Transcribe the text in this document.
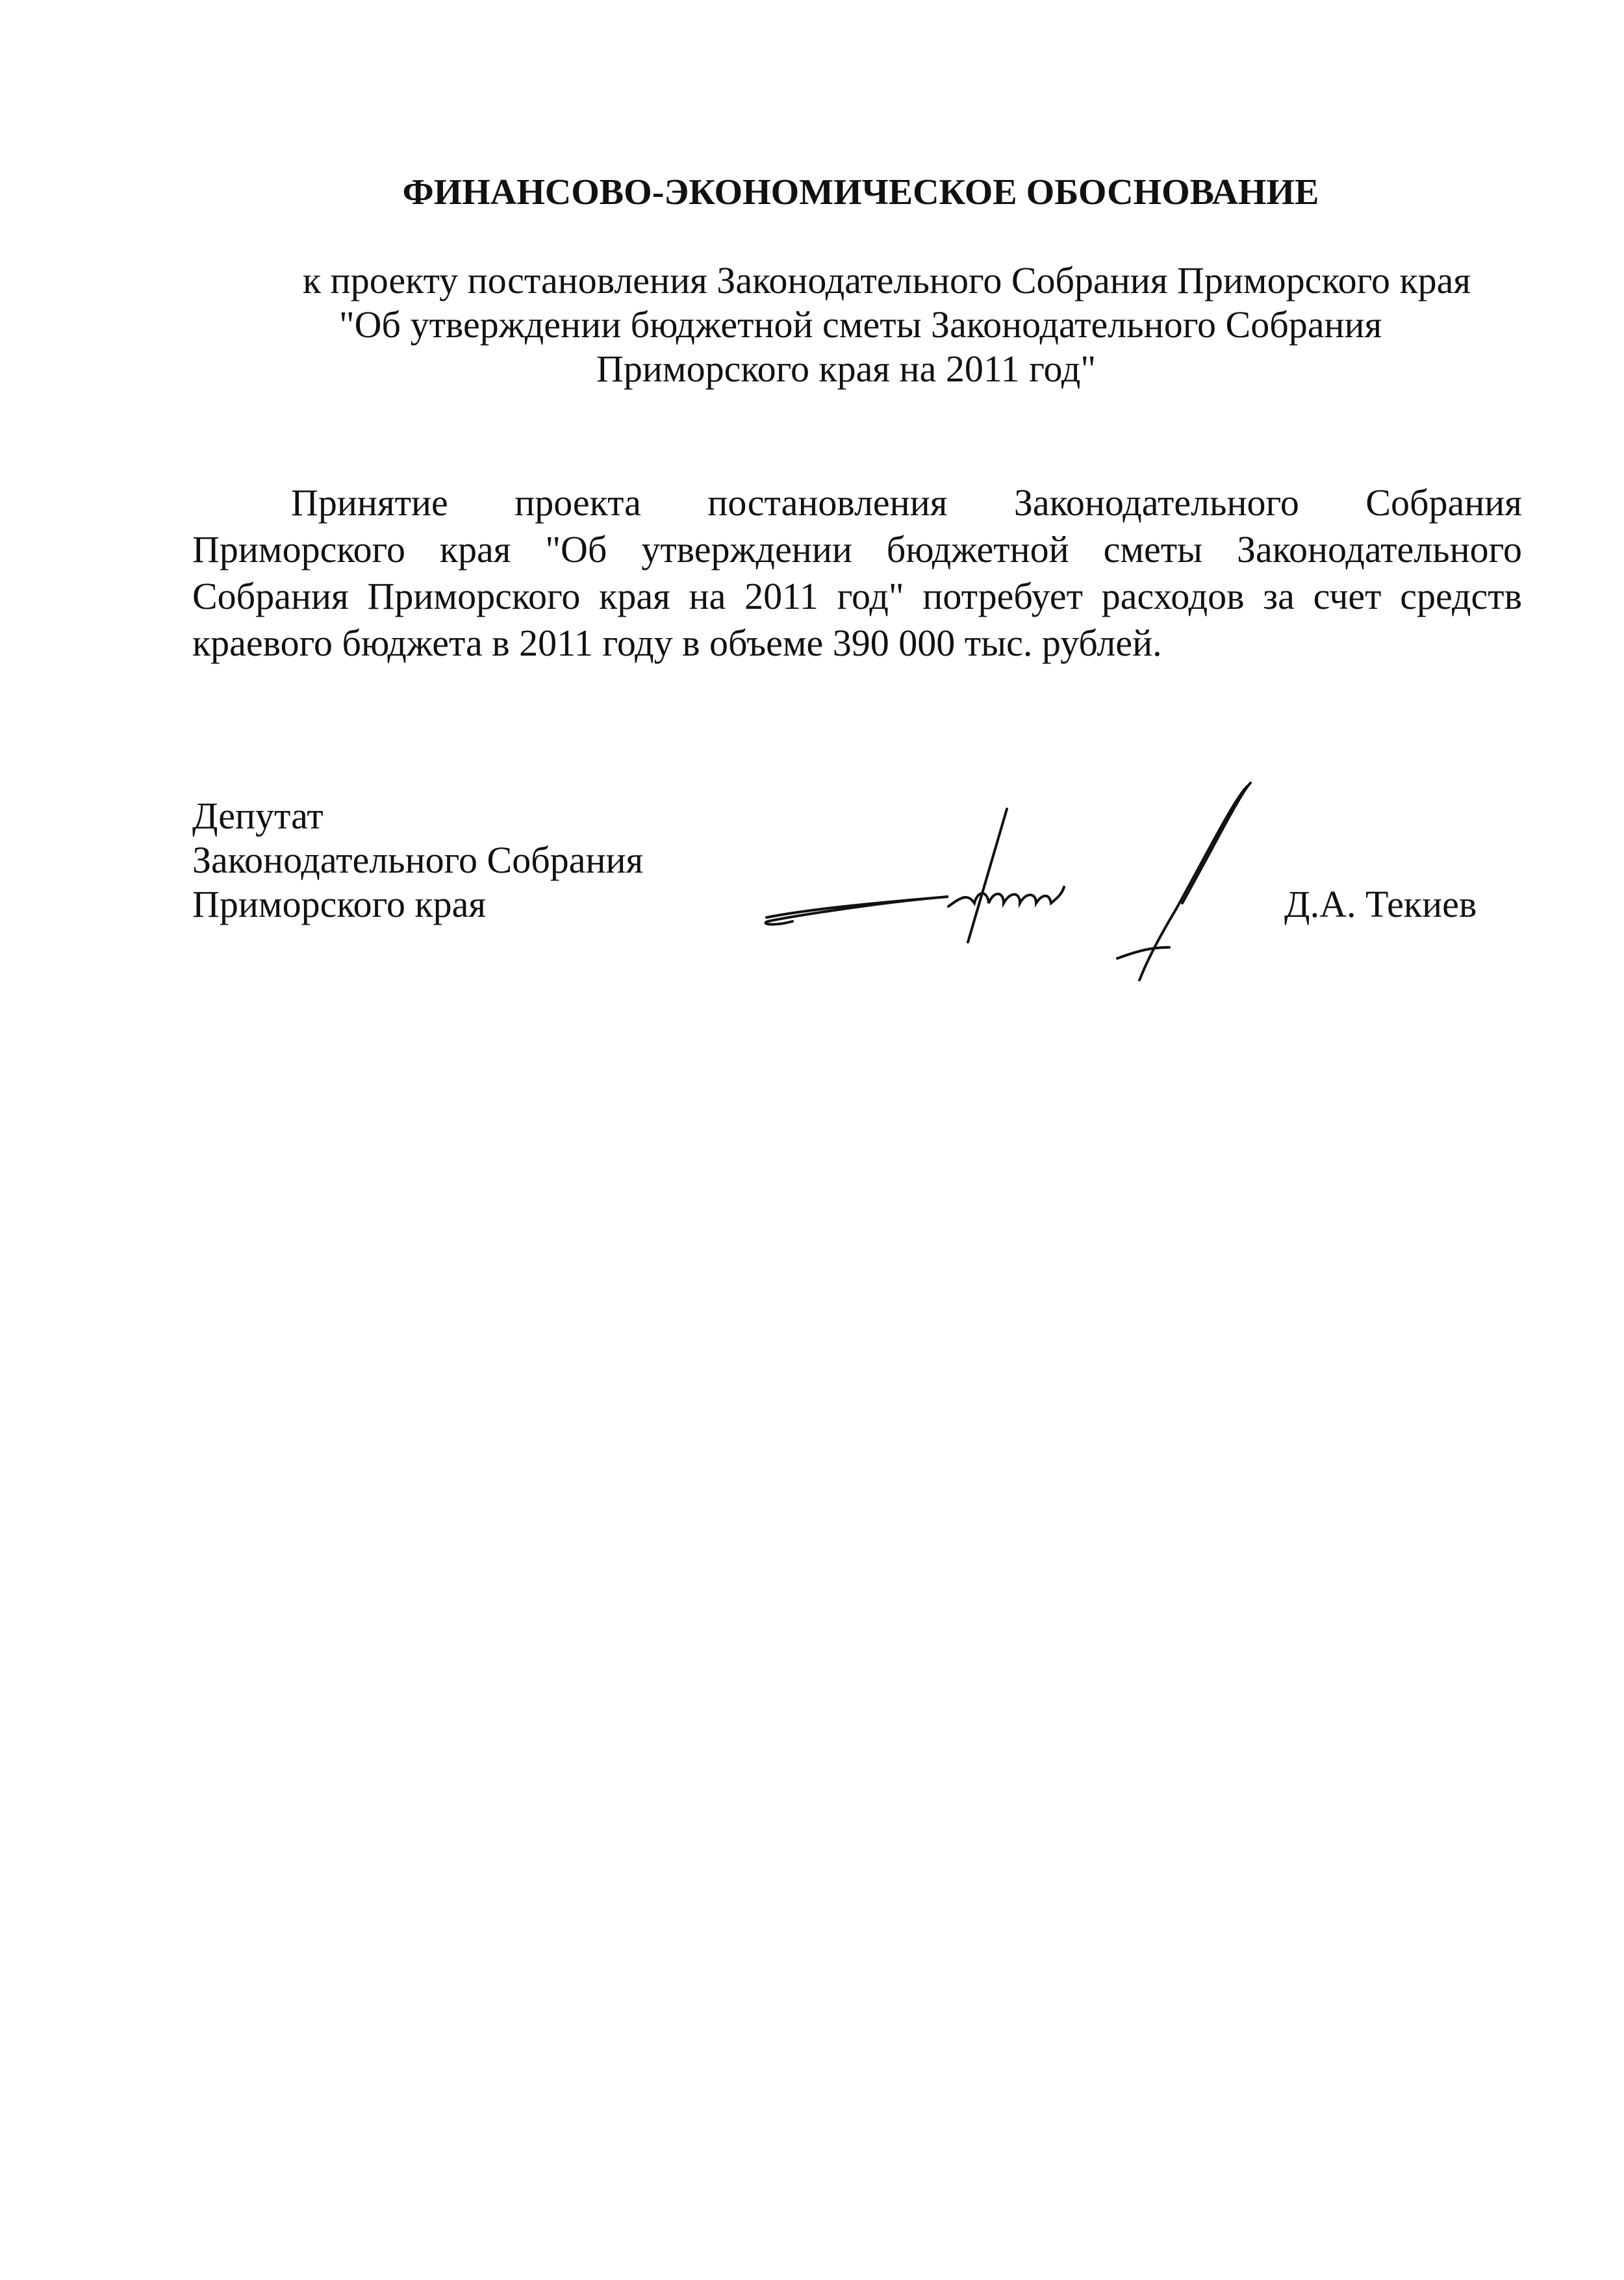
ФИНАНСОВО-ЭКОНОМИЧЕСКОЕ ОБОСНОВАНИЕ
к проекту постановления Законодательного Собрания Приморского края
"Об утверждении бюджетной сметы Законодательного Собрания
Приморского края на 2011 год"
Принятие проекта постановления Законодательного Собрания
Приморского края "Об утверждении бюджетной сметы Законодательного
Собрания Приморского края на 2011 год" потребует расходов за счет средств
краевого бюджета в 2011 году в объеме 390 000 тыс. рублей.
Депутат
Законодательного Собрания
Приморского края	Д.А. Текиев
